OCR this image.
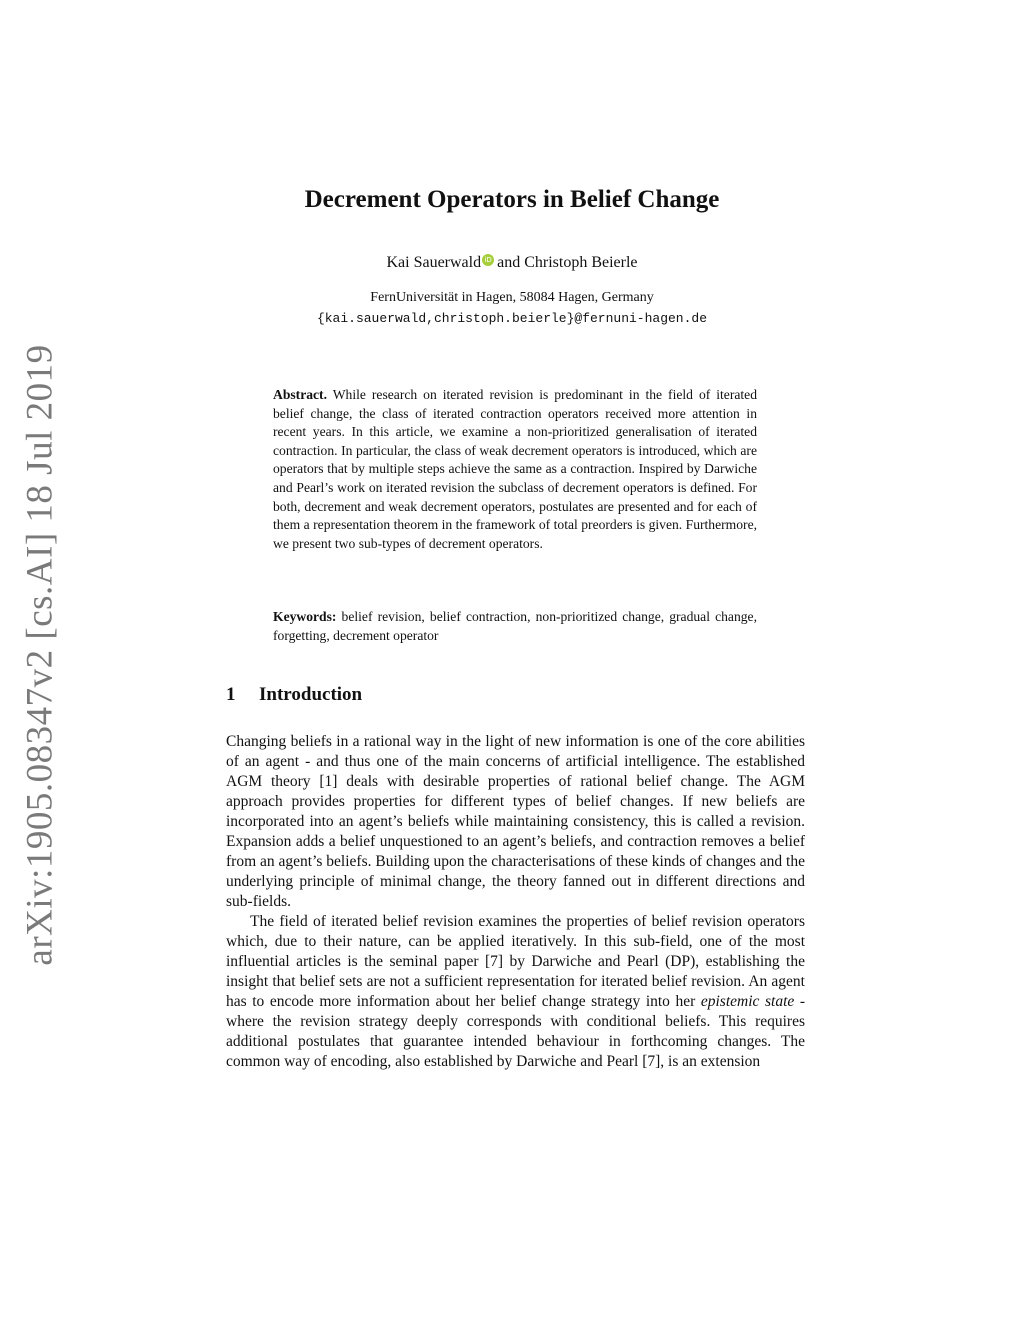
arXiv:1905.08347v2 [cs.AI] 18 Jul 2019
Decrement Operators in Belief Change
Kai Sauerwald iD and Christoph Beierle
FernUniversität in Hagen, 58084 Hagen, Germany
{kai.sauerwald,christoph.beierle}@fernuni-hagen.de
Abstract. While research on iterated revision is predominant in the field of iterated belief change, the class of iterated contraction operators received more attention in recent years. In this article, we examine a non-prioritized generalisation of iterated contraction. In particular, the class of weak decrement operators is introduced, which are operators that by multiple steps achieve the same as a contraction. Inspired by Darwiche and Pearl’s work on iterated revision the subclass of decrement operators is defined. For both, decrement and weak decrement operators, postulates are presented and for each of them a representation theorem in the framework of total preorders is given. Furthermore, we present two sub-types of decrement operators.
Keywords: belief revision, belief contraction, non-prioritized change, gradual change, forgetting, decrement operator
1 Introduction

Changing beliefs in a rational way in the light of new information is one of the core abilities of an agent - and thus one of the main concerns of artificial intelligence. The established AGM theory [1] deals with desirable properties of rational belief change. The AGM approach provides properties for different types of belief changes. If new beliefs are incorporated into an agent’s beliefs while maintaining consistency, this is called a revision. Expansion adds a belief unquestioned to an agent’s beliefs, and contraction removes a belief from an agent’s beliefs. Building upon the characterisations of these kinds of changes and the underlying principle of minimal change, the theory fanned out in different directions and sub-fields.

The field of iterated belief revision examines the properties of belief revision operators which, due to their nature, can be applied iteratively. In this sub-field, one of the most influential articles is the seminal paper [7] by Darwiche and Pearl (DP), establishing the insight that belief sets are not a sufficient representation for iterated belief revision. An agent has to encode more information about her belief change strategy into her epistemic state - where the revision strategy deeply corresponds with conditional beliefs. This requires additional postulates that guarantee intended behaviour in forthcoming changes. The common way of encoding, also established by Darwiche and Pearl [7], is an extension
